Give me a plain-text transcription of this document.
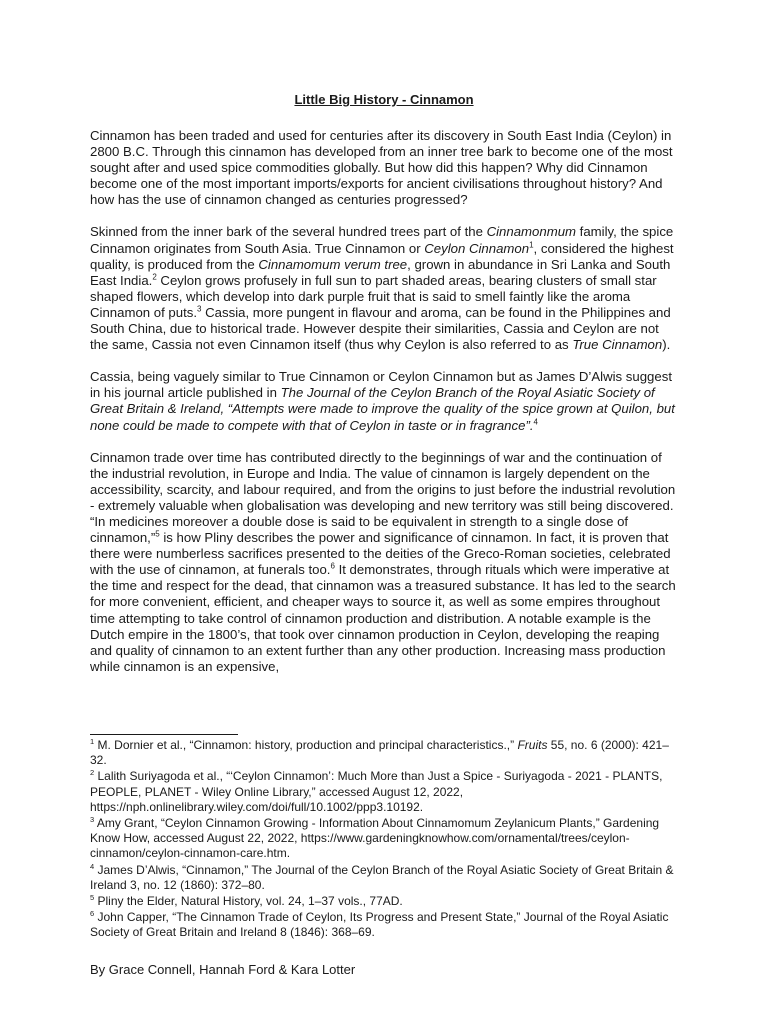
Little Big History - Cinnamon

Cinnamon has been traded and used for centuries after its discovery in South East India (Ceylon) in 2800 B.C. Through this cinnamon has developed from an inner tree bark to become one of the most sought after and used spice commodities globally. But how did this happen? Why did Cinnamon become one of the most important imports/exports for ancient civilisations throughout history? And how has the use of cinnamon changed as centuries progressed?

Skinned from the inner bark of the several hundred trees part of the Cinnamonmum family, the spice Cinnamon originates from South Asia. True Cinnamon or Ceylon Cinnamon$^1$, considered the highest quality, is produced from the Cinnamomum verum tree, grown in abundance in Sri Lanka and South East India.$^2$ Ceylon grows profusely in full sun to part shaded areas, bearing clusters of small star shaped flowers, which develop into dark purple fruit that is said to smell faintly like the aroma Cinnamon of puts.$^3$ Cassia, more pungent in flavour and aroma, can be found in the Philippines and South China, due to historical trade. However despite their similarities, Cassia and Ceylon are not the same, Cassia not even Cinnamon itself (thus why Ceylon is also referred to as True Cinnamon).

Cassia, being vaguely similar to True Cinnamon or Ceylon Cinnamon but as James D’Alwis suggest in his journal article published in The Journal of the Ceylon Branch of the Royal Asiatic Society of Great Britain & Ireland, “Attempts were made to improve the quality of the spice grown at Quilon, but none could be made to compete with that of Ceylon in taste or in fragrance”.$^4$

Cinnamon trade over time has contributed directly to the beginnings of war and the continuation of the industrial revolution, in Europe and India. The value of cinnamon is largely dependent on the accessibility, scarcity, and labour required, and from the origins to just before the industrial revolution - extremely valuable when globalisation was developing and new territory was still being discovered. “In medicines moreover a double dose is said to be equivalent in strength to a single dose of cinnamon,”$^5$ is how Pliny describes the power and significance of cinnamon. In fact, it is proven that there were numberless sacrifices presented to the deities of the Greco-Roman societies, celebrated with the use of cinnamon, at funerals too.$^6$ It demonstrates, through rituals which were imperative at the time and respect for the dead, that cinnamon was a treasured substance. It has led to the search for more convenient, efficient, and cheaper ways to source it, as well as some empires throughout time attempting to take control of cinnamon production and distribution. A notable example is the Dutch empire in the 1800’s, that took over cinnamon production in Ceylon, developing the reaping and quality of cinnamon to an extent further than any other production. Increasing mass production while cinnamon is an expensive,

$^1$ M. Dornier et al., “Cinnamon: history, production and principal characteristics.,” Fruits 55, no. 6 (2000): 421–32.
$^2$ Lalith Suriyagoda et al., “‘Ceylon Cinnamon’: Much More than Just a Spice - Suriyagoda - 2021 - PLANTS, PEOPLE, PLANET - Wiley Online Library,” accessed August 12, 2022, https://nph.onlinelibrary.wiley.com/doi/full/10.1002/ppp3.10192.
$^3$ Amy Grant, “Ceylon Cinnamon Growing - Information About Cinnamomum Zeylanicum Plants,” Gardening Know How, accessed August 22, 2022, https://www.gardeningknowhow.com/ornamental/trees/ceylon-cinnamon/ceylon-cinnamon-care.htm.
$^4$ James D’Alwis, “Cinnamon,” The Journal of the Ceylon Branch of the Royal Asiatic Society of Great Britain & Ireland 3, no. 12 (1860): 372–80.
$^5$ Pliny the Elder, Natural History, vol. 24, 1–37 vols., 77AD.
$^6$ John Capper, “The Cinnamon Trade of Ceylon, Its Progress and Present State,” Journal of the Royal Asiatic Society of Great Britain and Ireland 8 (1846): 368–69.

By Grace Connell, Hannah Ford & Kara Lotter
